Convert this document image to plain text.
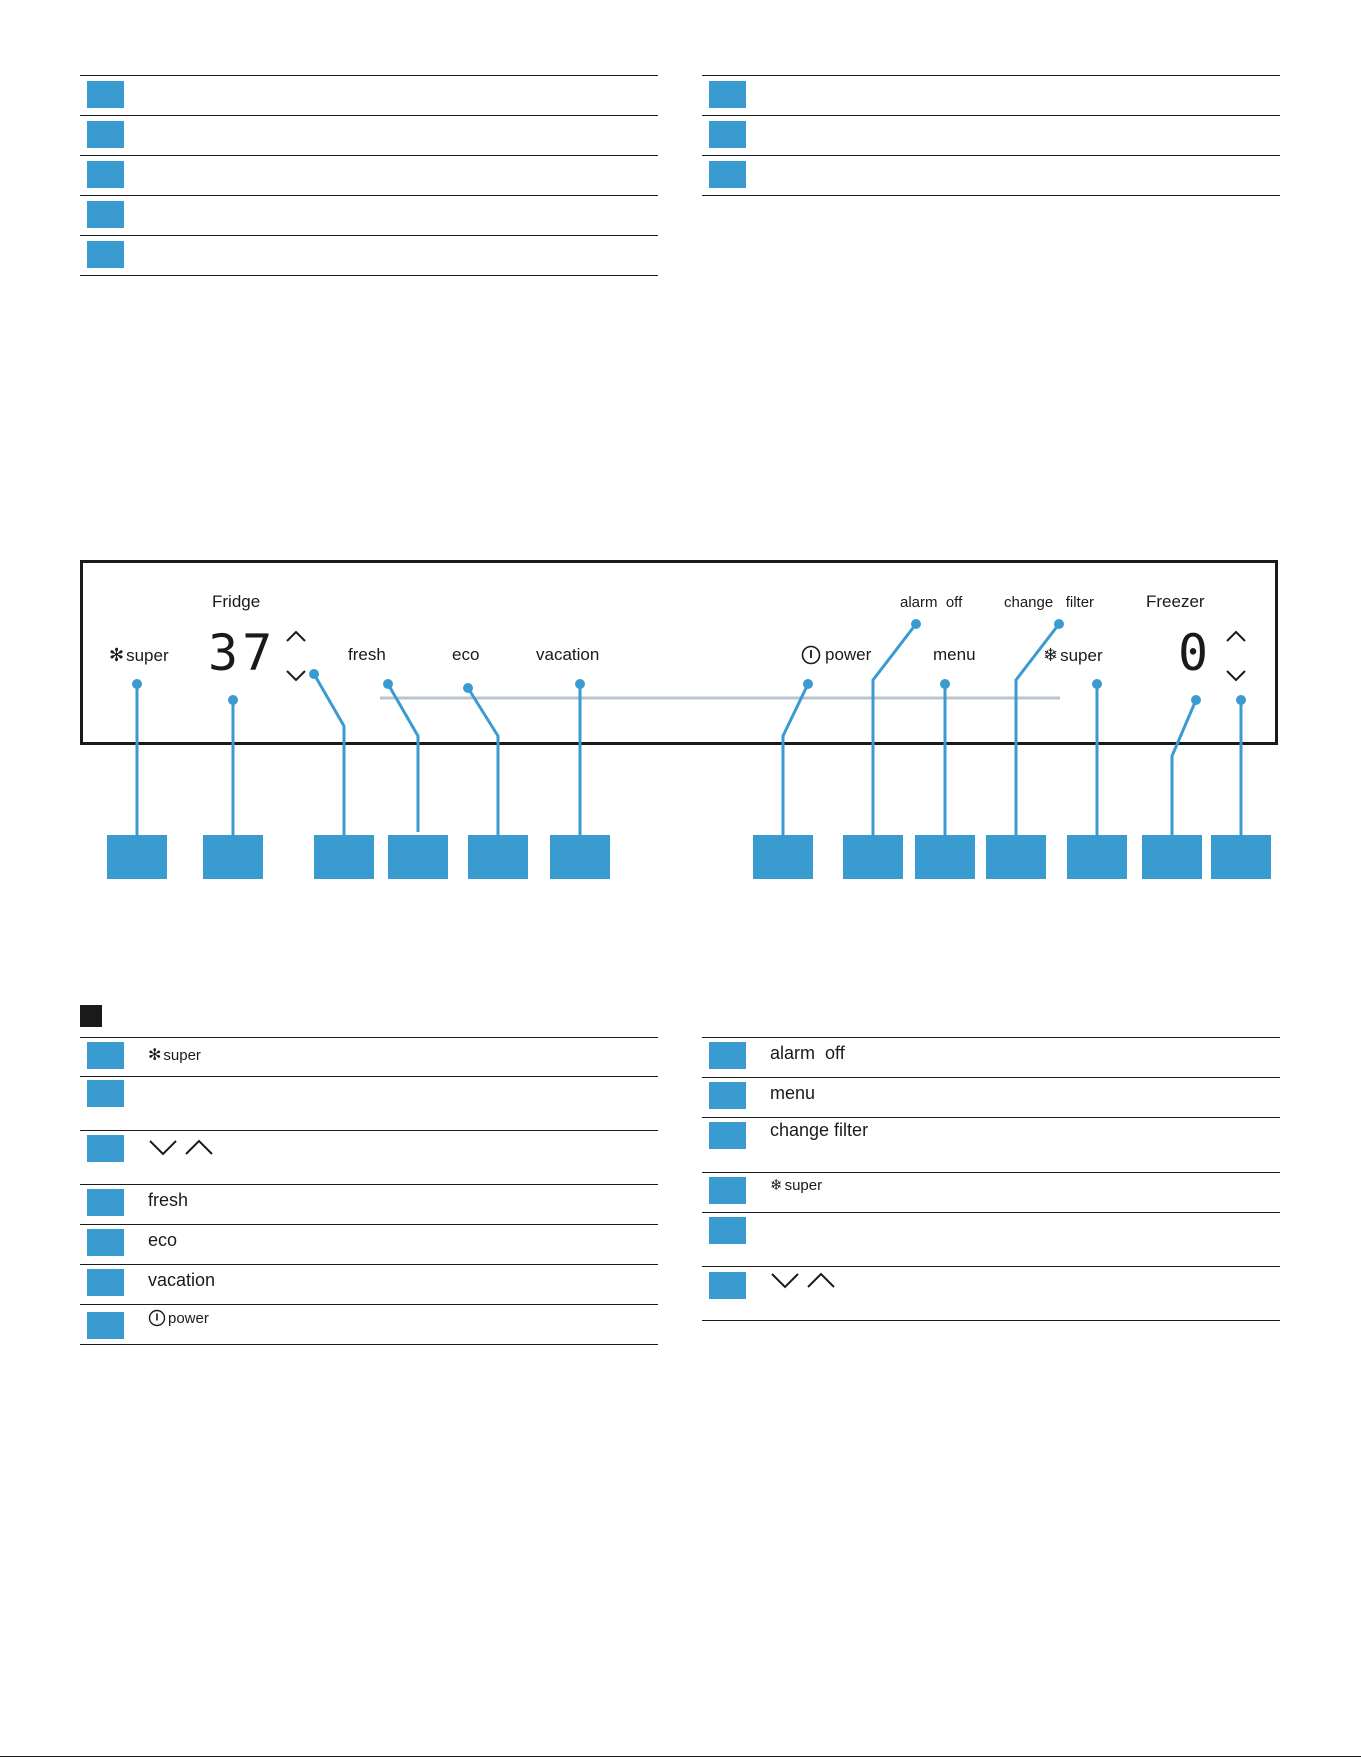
Fridge	Freezer
✻ super 37	fresh	eco	vacation	power
alarm  off
menu
change   filter
❄ super 0
✻ super
fresh
eco
vacation
power
alarm  off
menu
change filter
❄ super
